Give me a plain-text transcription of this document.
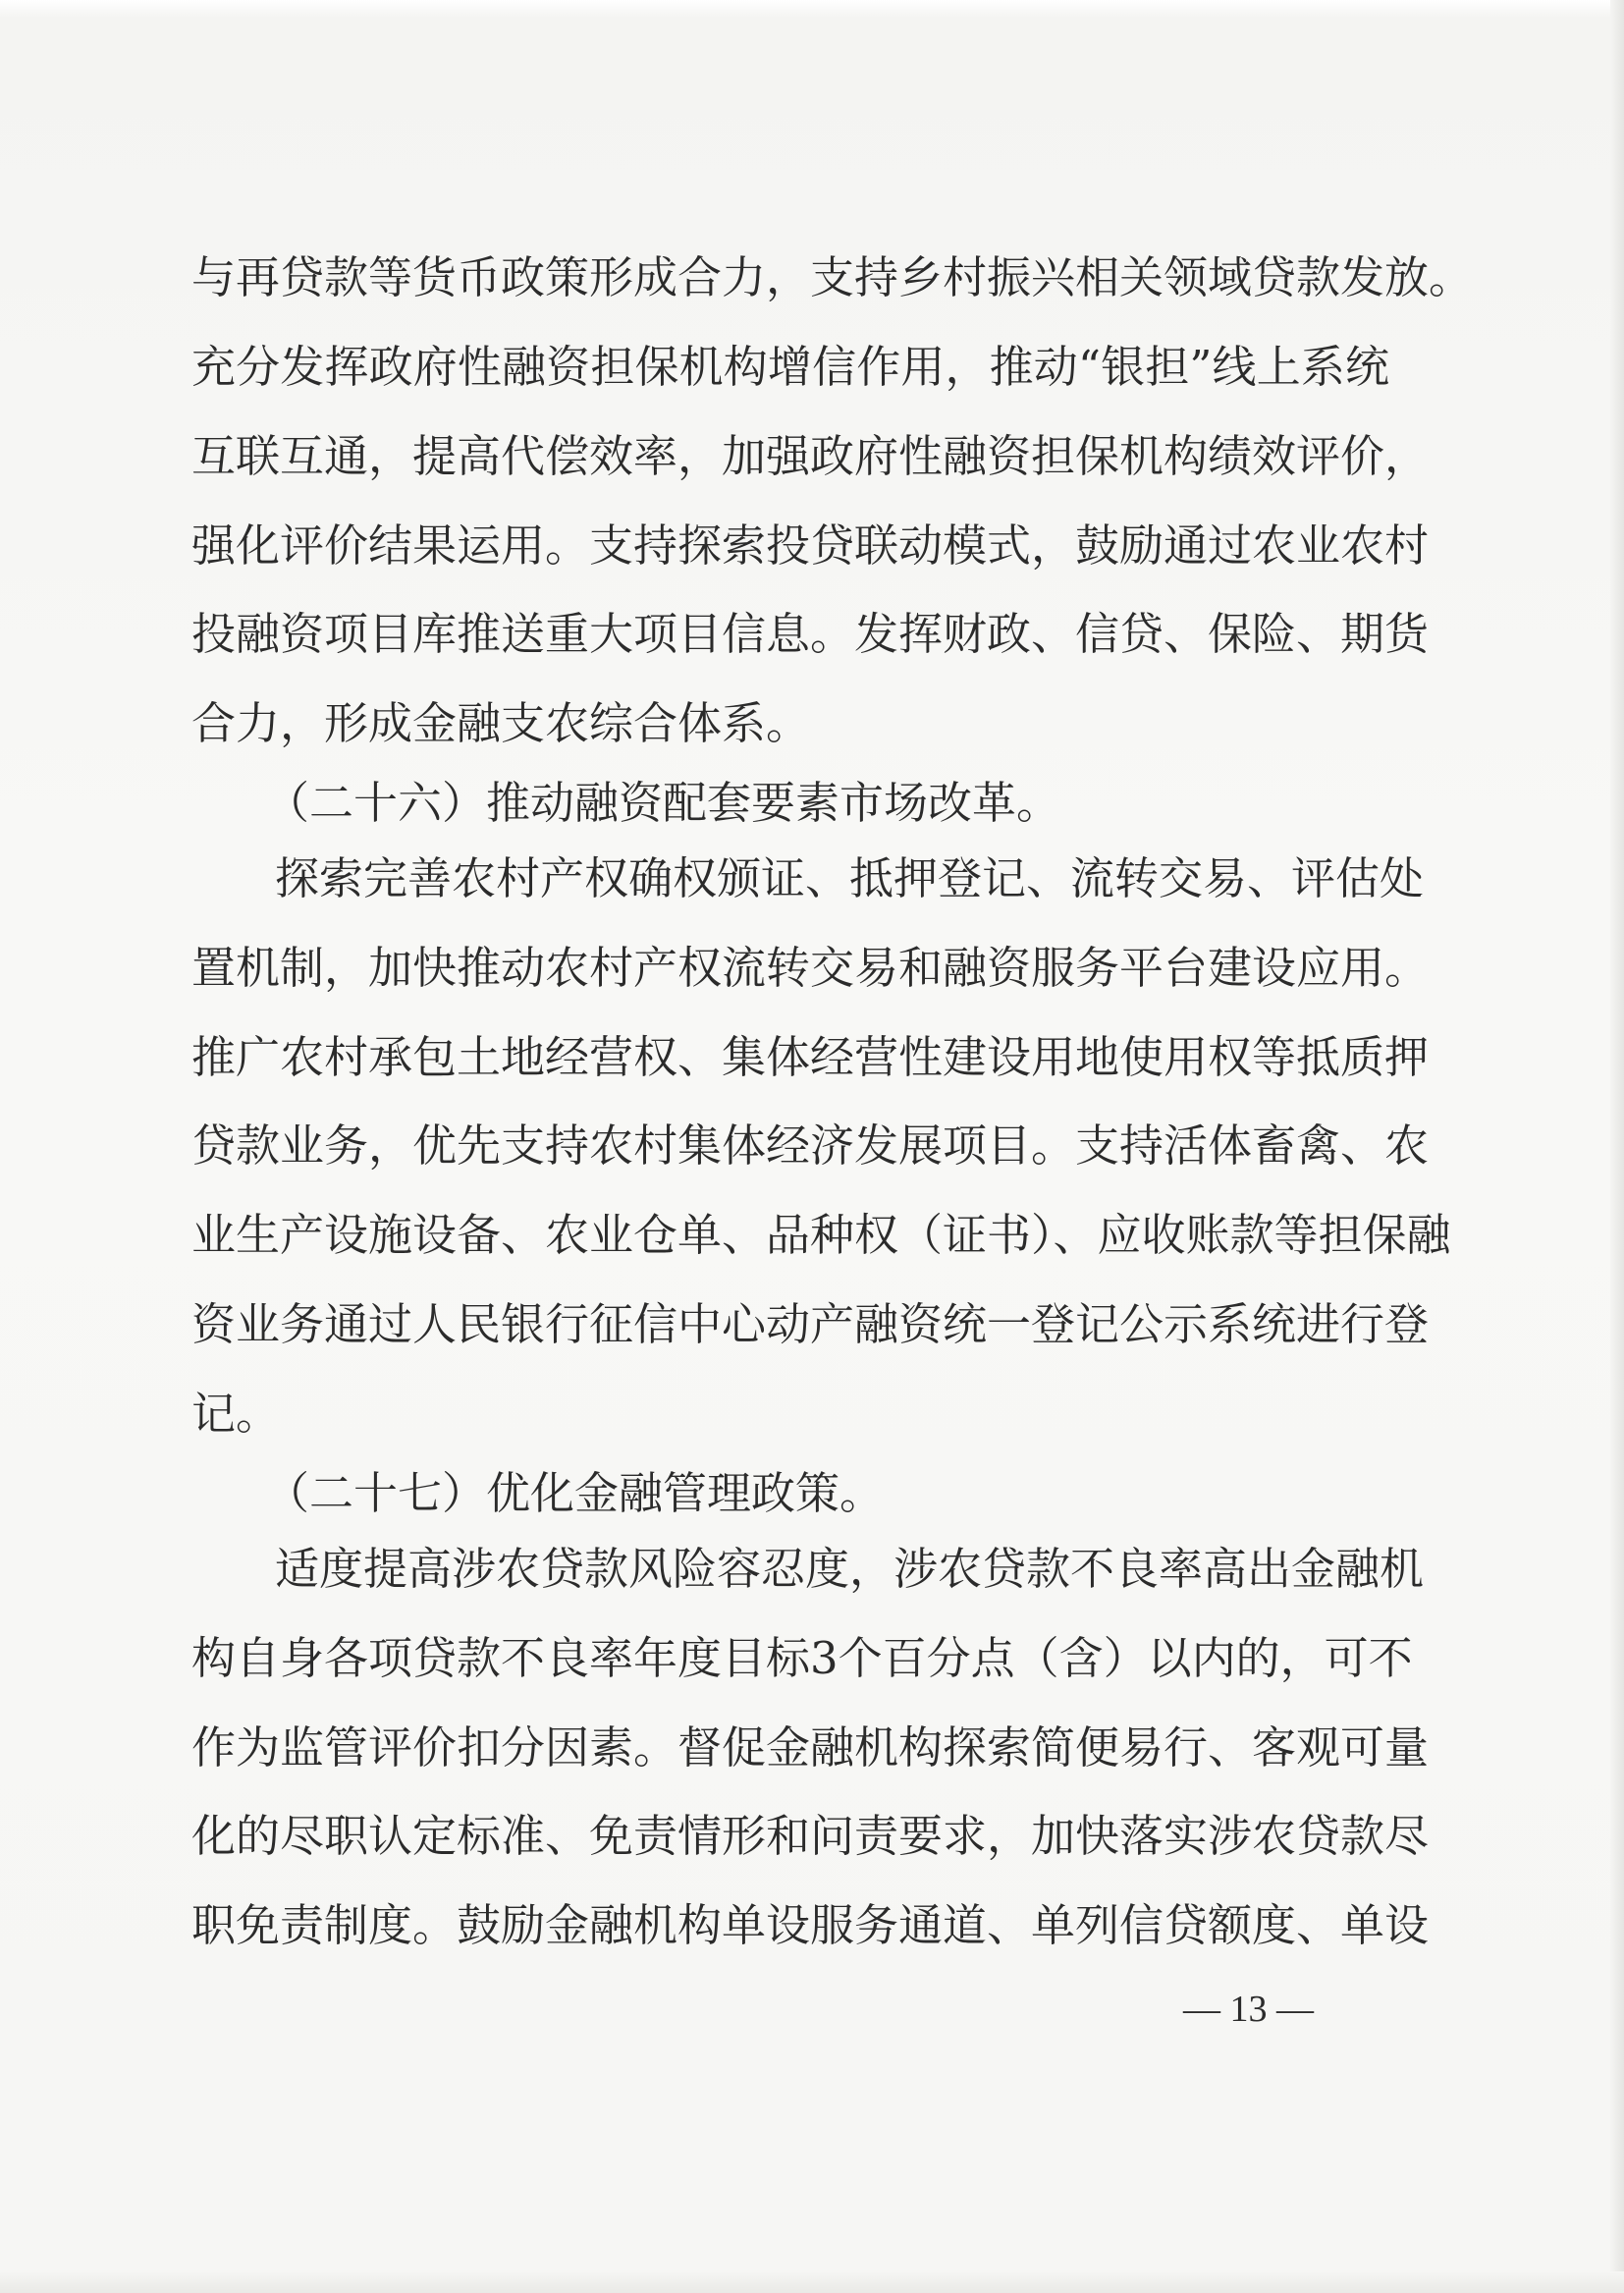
与再贷款等货币政策形成合力，支持乡村振兴相关领域贷款发放。
充分发挥政府性融资担保机构增信作用，推动“银担”线上系统
互联互通，提高代偿效率，加强政府性融资担保机构绩效评价，
强化评价结果运用。支持探索投贷联动模式，鼓励通过农业农村
投融资项目库推送重大项目信息。发挥财政、信贷、保险、期货
合力，形成金融支农综合体系。
（二十六）推动融资配套要素市场改革。
探索完善农村产权确权颁证、抵押登记、流转交易、评估处
置机制，加快推动农村产权流转交易和融资服务平台建设应用。
推广农村承包土地经营权、集体经营性建设用地使用权等抵质押
贷款业务，优先支持农村集体经济发展项目。支持活体畜禽、农
业生产设施设备、农业仓单、品种权（证书）、应收账款等担保融
资业务通过人民银行征信中心动产融资统一登记公示系统进行登
记。
（二十七）优化金融管理政策。
适度提高涉农贷款风险容忍度，涉农贷款不良率高出金融机
构自身各项贷款不良率年度目标3个百分点（含）以内的，可不
作为监管评价扣分因素。督促金融机构探索简便易行、客观可量
化的尽职认定标准、免责情形和问责要求，加快落实涉农贷款尽
职免责制度。鼓励金融机构单设服务通道、单列信贷额度、单设
— 13 —
